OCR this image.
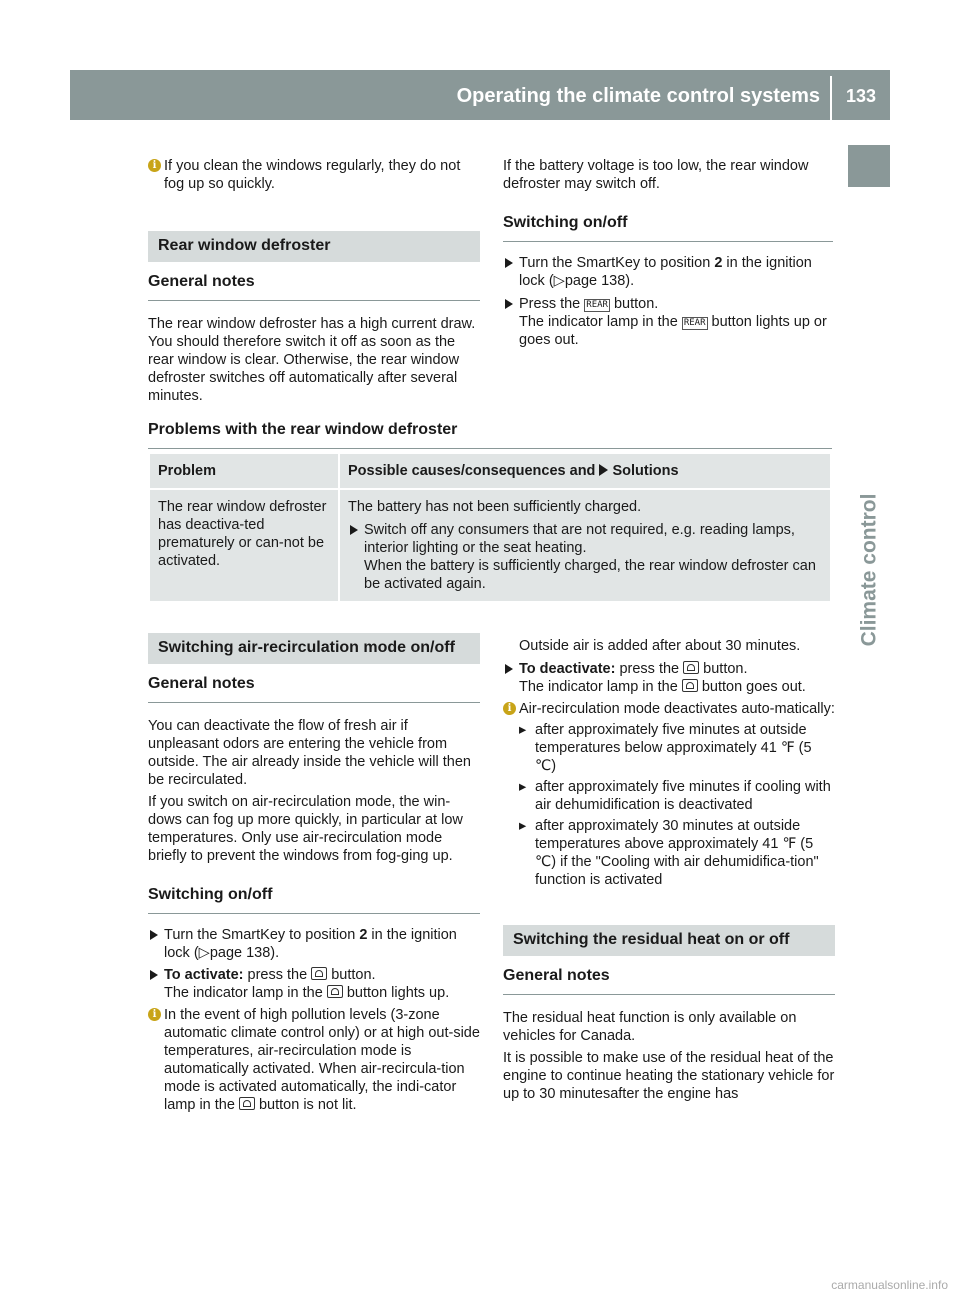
Operating the climate control systems 133
Climate control
i If you clean the windows regularly, they do not fog up so quickly.

Rear window defroster
General notes

The rear window defroster has a high current draw. You should therefore switch it off as soon as the rear window is clear. Otherwise, the rear window defroster switches off automatically after several minutes.

If the battery voltage is too low, the rear window defroster may switch off.

Switching on/off
Turn the SmartKey to position 2 in the ignition lock (▷page 138).
Press the REAR button.
The indicator lamp in the REAR button lights up or goes out.
Problems with the rear window defroster
Problem	Possible causes/consequences and  Solutions
The rear window defroster has deactiva-ted prematurely or can-not be activated.	The battery has not been sufficiently charged.

Switch off any consumers that are not required, e.g. reading lamps, interior lighting or the seat heating.
When the battery is sufficiently charged, the rear window defroster can be activated again.
Switching air-recirculation mode on/off
General notes

You can deactivate the flow of fresh air if unpleasant odors are entering the vehicle from outside. The air already inside the vehicle will then be recirculated.

If you switch on air-recirculation mode, the win-dows can fog up more quickly, in particular at low temperatures. Only use air-recirculation mode briefly to prevent the windows from fog-ging up.

Switching on/off
Turn the SmartKey to position 2 in the ignition lock (▷page 138).
To activate: press the  button.
The indicator lamp in the  button lights up.
i In the event of high pollution levels (3-zone automatic climate control only) or at high out-side temperatures, air-recirculation mode is automatically activated. When air-recircula-tion mode is activated automatically, the indi-cator lamp in the  button is not lit.

Outside air is added after about 30 minutes.

To deactivate: press the  button.
The indicator lamp in the  button goes out.
i Air-recirculation mode deactivates auto-matically:

▸ after approximately five minutes at outside temperatures below approximately 41 ℉ (5 ℃)
▸ after approximately five minutes if cooling with air dehumidification is deactivated
▸ after approximately 30 minutes at outside temperatures above approximately 41 ℉ (5 ℃) if the "Cooling with air dehumidifica-tion" function is activated
Switching the residual heat on or off
General notes

The residual heat function is only available on vehicles for Canada.

It is possible to make use of the residual heat of the engine to continue heating the stationary vehicle for up to 30 minutesafter the engine has

carmanualsonline.info
